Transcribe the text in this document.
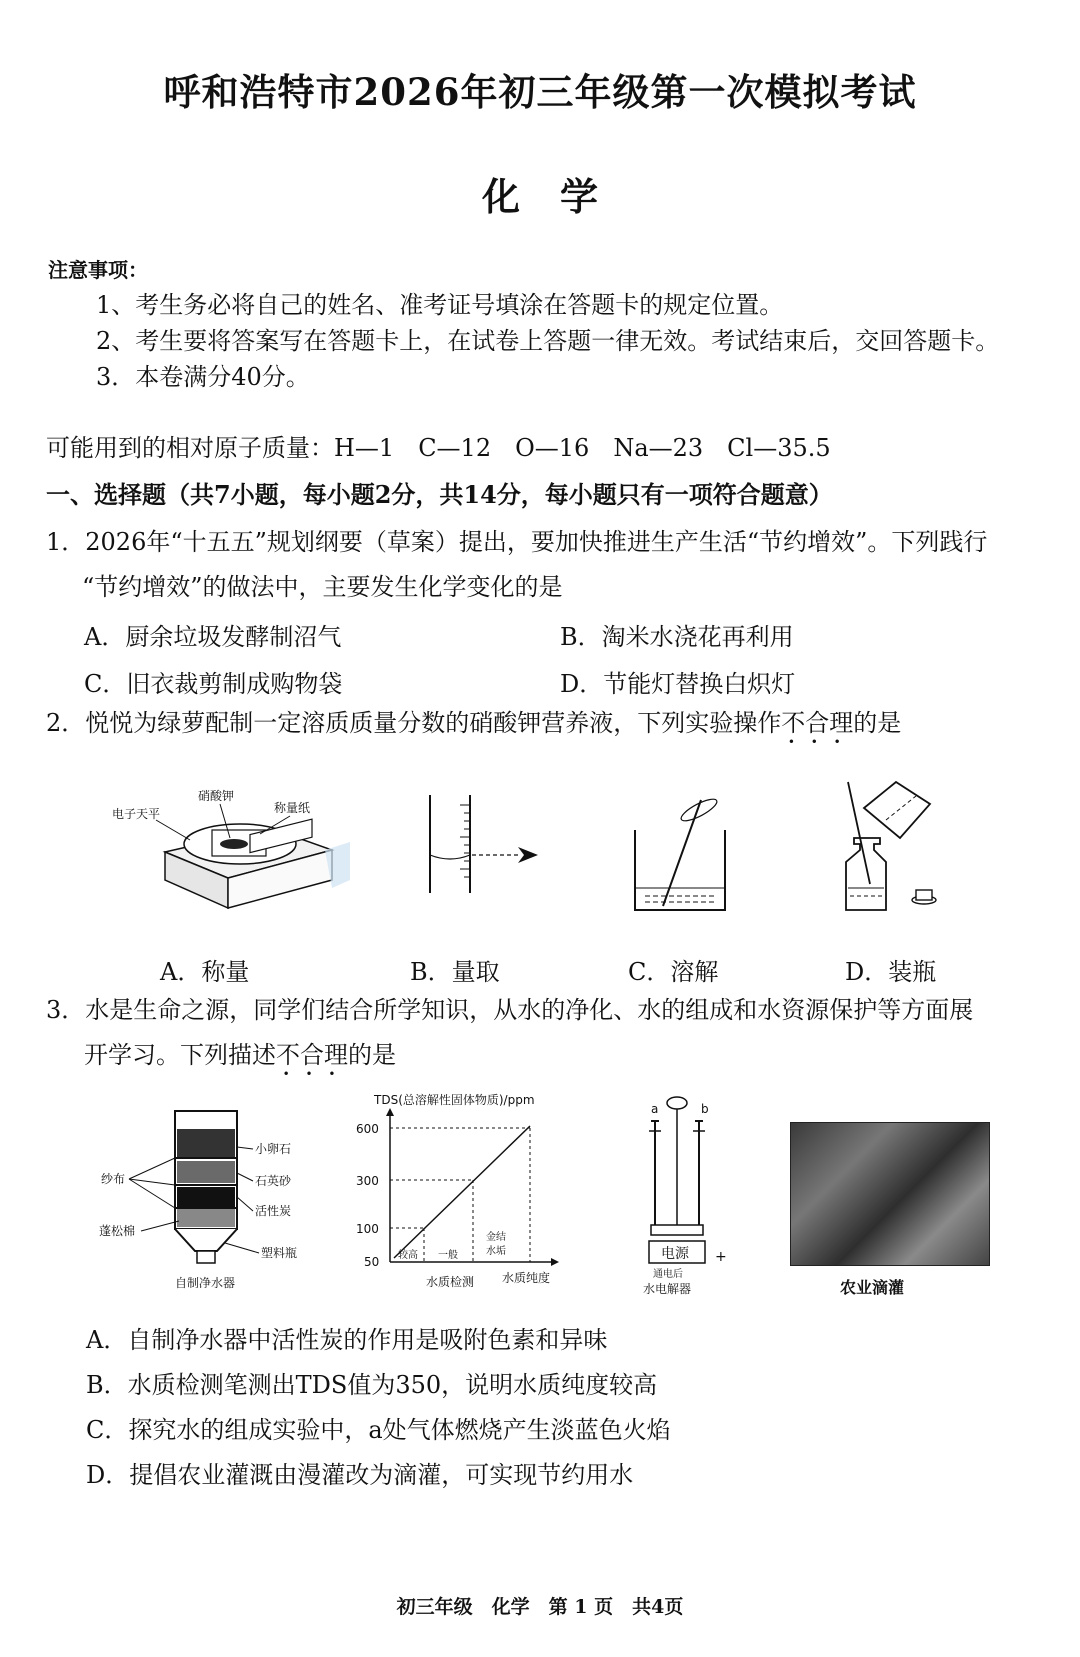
呼和浩特市2026年初三年级第一次模拟考试
化学
注意事项：
1、考生务必将自己的姓名、准考证号填涂在答题卡的规定位置。
2、考生要将答案写在答题卡上，在试卷上答题一律无效。考试结束后，交回答题卡。
3．本卷满分40分。
可能用到的相对原子质量：H—1　C—12　O—16　Na—23　Cl—35.5
一、选择题（共7小题，每小题2分，共14分，每小题只有一项符合题意）
1．2026年“十五五”规划纲要（草案）提出，要加快推进生产生活“节约增效”。下列践行
“节约增效”的做法中，主要发生化学变化的是
A．厨余垃圾发酵制沼气	B．淘米水浇花再利用
C．旧衣裁剪制成购物袋	D．节能灯替换白炽灯
2．悦悦为绿萝配制一定溶质质量分数的硝酸钾营养液，下列实验操作不合理 • • •的是
电子天平
硝酸钾
称量纸
A．称量	B．量取	C．溶解	D．装瓶
3．水是生命之源，同学们结合所学知识，从水的净化、水的组成和水资源保护等方面展
开学习。下列描述不合理 • • •的是
纱布
小卵石
石英砂
活性炭
蓬松棉
塑料瓶
自制净水器
TDS(总溶解性固体物质)/ppm
600
300
100
50 较高 一般
金结
水垢
水质检测 水质纯度
a	b
电源 +
通电后
水电解器	农业滴灌
A．自制净水器中活性炭的作用是吸附色素和异味
B．水质检测笔测出TDS值为350，说明水质纯度较高
C．探究水的组成实验中，a处气体燃烧产生淡蓝色火焰
D．提倡农业灌溉由漫灌改为滴灌，可实现节约用水
初三年级　化学　第 1 页　共4页
